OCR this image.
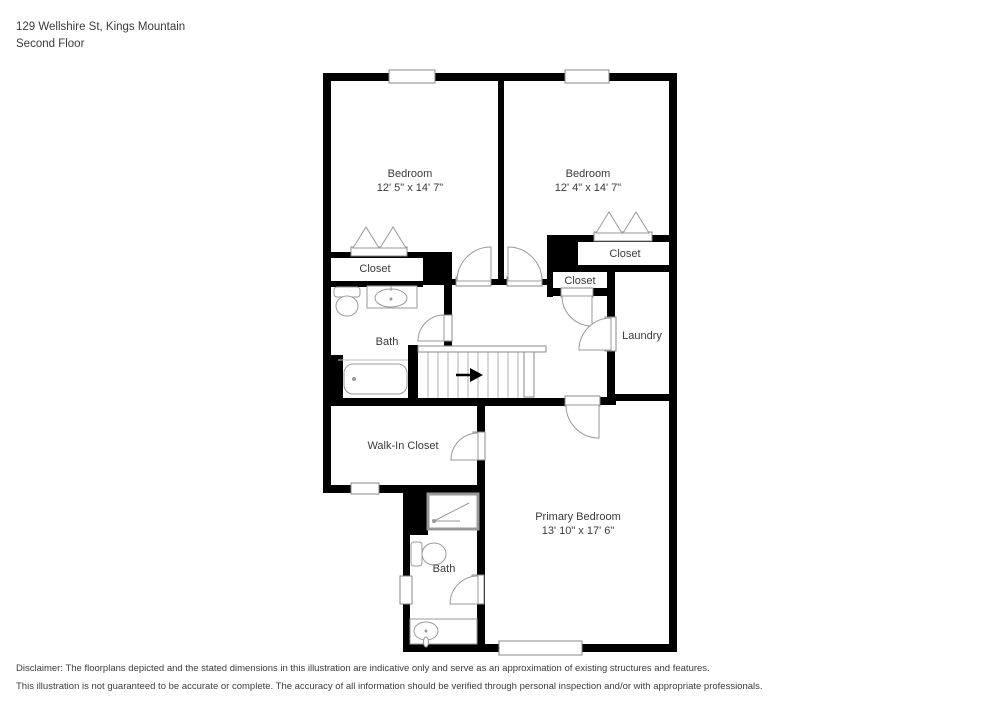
129 Wellshire St, Kings Mountain
Second Floor
Bedroom
12' 5" x 14' 7"
Bedroom
12' 4" x 14' 7"
Closet
Closet
Closet
Bath	Laundry
Walk-In Closet
Primary Bedroom
13' 10" x 17' 6"
Bath
Disclaimer: The floorplans depicted and the stated dimensions in this illustration are indicative only and serve as an approximation of existing structures and features.
This illustration is not guaranteed to be accurate or complete. The accuracy of all information should be verified through personal inspection and/or with appropriate professionals.
